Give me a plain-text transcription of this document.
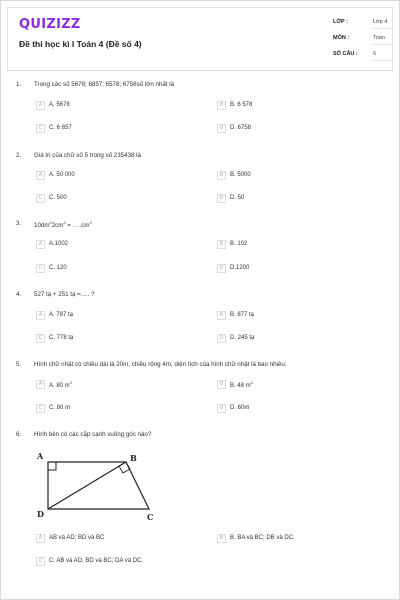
QUIZIZZ
Đề thi học kì I Toán 4 (Đề số 4)
LỚP :	Lớp 4
MÔN :	Toán
SỐ CÂU :	6
1. Trong các số 5678; 6857; 6578; 6758số lớn nhất là
A	A. 5678	B	B. 6 578
C	C. 6 857	D	D. 6758
2. Giá trị của chữ số 5 trong số 235438 là
A	A. 50 000	B	B. 5000
C	C. 500	D	D. 50
3. $10dm^22cm^2$ = . . $.cm^2$
A	A.1002	B	B. 102
C	C. 120	D	D.1200
4. 527 tạ + 251 tạ =..... ?
A	A. 787 tạ	B	B. 877 tạ
C	C. 778 tạ	D	D. 245 tạ
5. Hình chữ nhật có chiều dài là 20m, chiều rộng 4m, diện tích của hình chữ nhật là bao nhiêu:
A	A. 80 $m^2$	B	B. 48 $m^2$
C	C. 80 m	D	D. 60m
6. Hình bên có các cặp cạnh vuông góc nào?
A	B
C
D
A	AB và AD; BD và BC	B	B. BA và BC; DB và DC.
C	C. AB và AD; BD và BC; DA và DC.
